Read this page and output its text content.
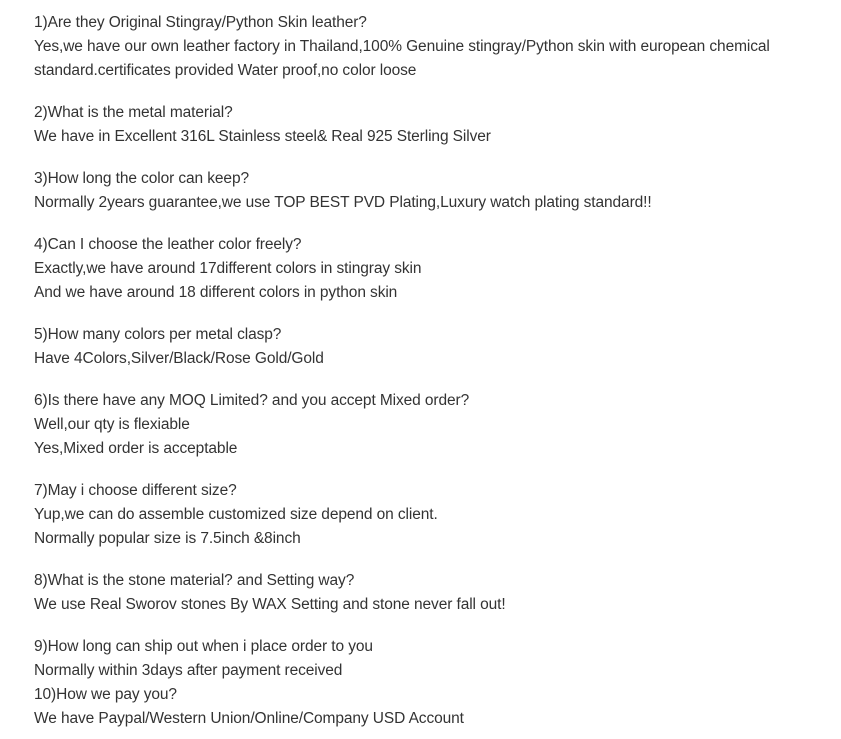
1)Are they Original Stingray/Python Skin leather?
Yes,we have our own leather factory in Thailand,100% Genuine stingray/Python skin with european chemical
standard.certificates provided Water proof,no color loose
2)What is the metal material?
We have in Excellent 316L Stainless steel& Real 925 Sterling Silver
3)How long the color can keep?
Normally 2years guarantee,we use TOP BEST PVD Plating,Luxury watch plating standard!!
4)Can I choose the leather color freely?
Exactly,we have around 17different colors in stingray skin
And we have around 18 different colors in python skin
5)How many colors per metal clasp?
Have 4Colors,Silver/Black/Rose Gold/Gold
6)Is there have any MOQ Limited? and you accept Mixed order?
Well,our qty is flexiable
Yes,Mixed order is acceptable
7)May i choose different size?
Yup,we can do assemble customized size depend on client.
Normally popular size is 7.5inch &8inch
8)What is the stone material? and Setting way?
We use Real Sworov stones By WAX Setting and stone never fall out!
9)How long can ship out when i place order to you
Normally within 3days after payment received
10)How we pay you?
We have Paypal/Western Union/Online/Company USD Account
